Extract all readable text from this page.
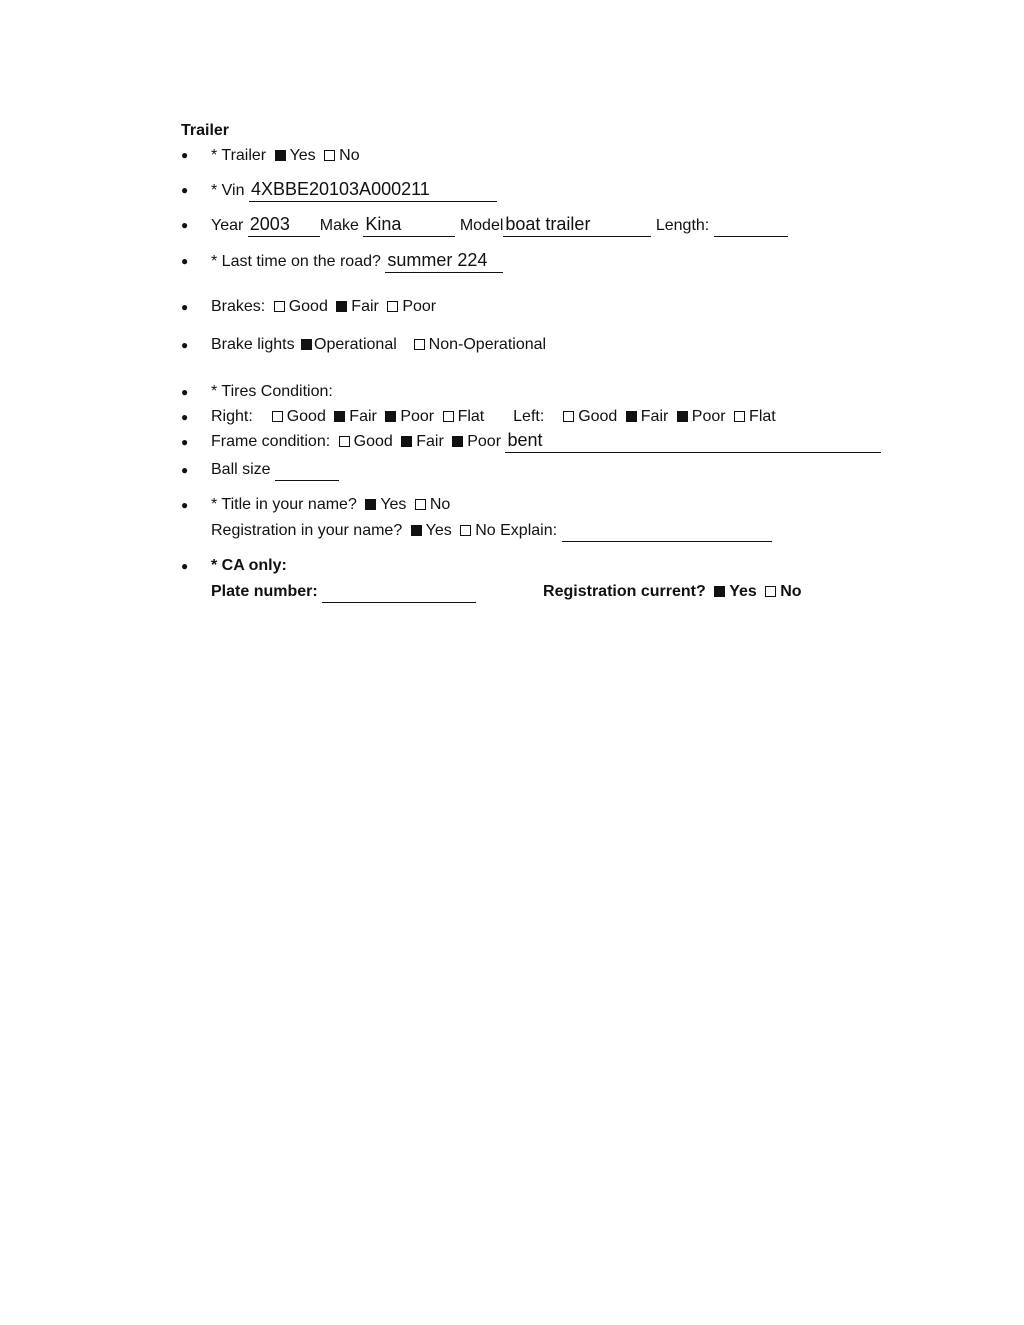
Trailer
● * Trailer Yes No
● * Vin 4XBBE20103A000211
● Year 2003 Make Kina	Model boat trailer	Length:
● * Last time on the road? summer 224
● Brakes: Good Fair Poor
● Brake lights Operational Non-Operational
● * Tires Condition:
● Right: Good Fair Poor Flat Left: Good Fair Poor Flat
● Frame condition: Good Fair Poor bent
● Ball size
● * Title in your name? Yes No
Registration in your name? Yes No Explain:
● * CA only:
Plate number:	Registration current? Yes No
